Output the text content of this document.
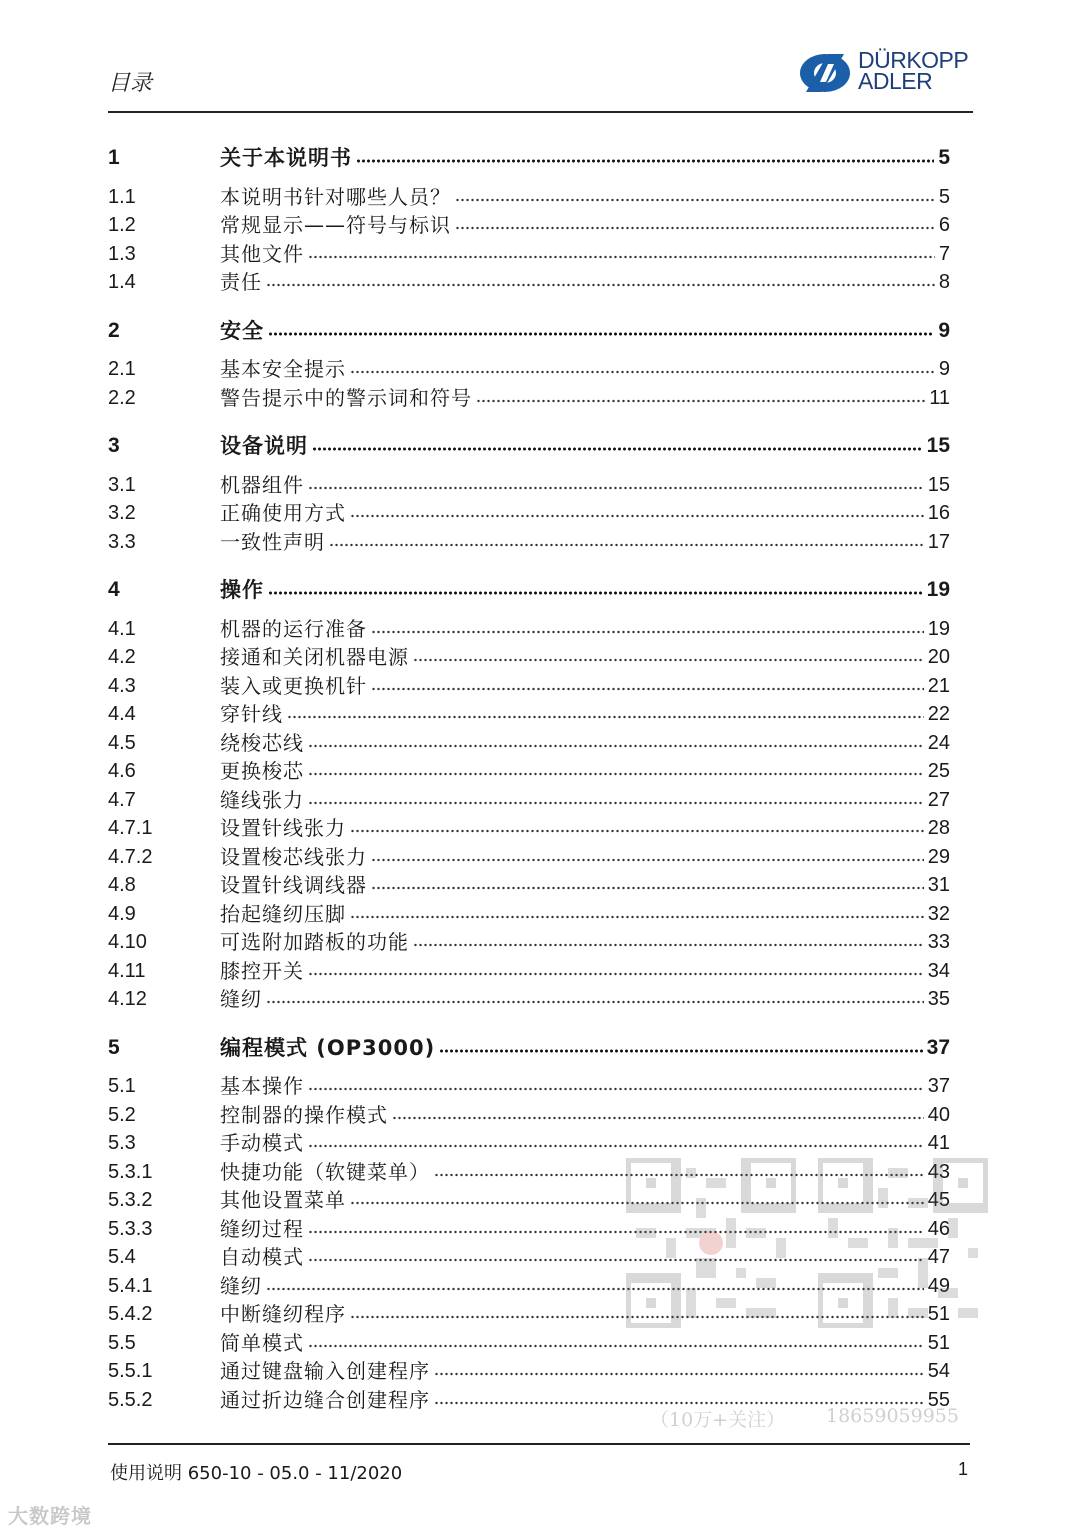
目录
DÜRKOPP
ADLER
1	关于本说明书	5
1.1	本说明书针对哪些人员？	5
1.2	常规显示——符号与标识	6
1.3	其他文件	7
1.4	责任	8
2	安全	9
2.1	基本安全提示	9
2.2	警告提示中的警示词和符号	11
3	设备说明	15
3.1	机器组件	15
3.2	正确使用方式	16
3.3	一致性声明	17
4	操作	19
4.1	机器的运行准备	19
4.2	接通和关闭机器电源	20
4.3	装入或更换机针	21
4.4	穿针线	22
4.5	绕梭芯线	24
4.6	更换梭芯	25
4.7	缝线张力	27
4.7.1	设置针线张力	28
4.7.2	设置梭芯线张力	29
4.8	设置针线调线器	31
4.9	抬起缝纫压脚	32
4.10	可选附加踏板的功能	33
4.11	膝控开关	34
4.12	缝纫	35
5	编程模式 (OP3000)	37
5.1	基本操作	37
5.2	控制器的操作模式	40
5.3	手动模式	41
5.3.1	快捷功能（软键菜单）	43
5.3.2	其他设置菜单	45
5.3.3	缝纫过程	46
5.4	自动模式	47
5.4.1	缝纫	49
5.4.2	中断缝纫程序	51
5.5	简单模式	51
5.5.1	通过键盘输入创建程序	54
5.5.2	通过折边缝合创建程序	55
（10万+关注） 18659059955
使用说明 650-10 - 05.0 - 11/2020	1
大数跨境
